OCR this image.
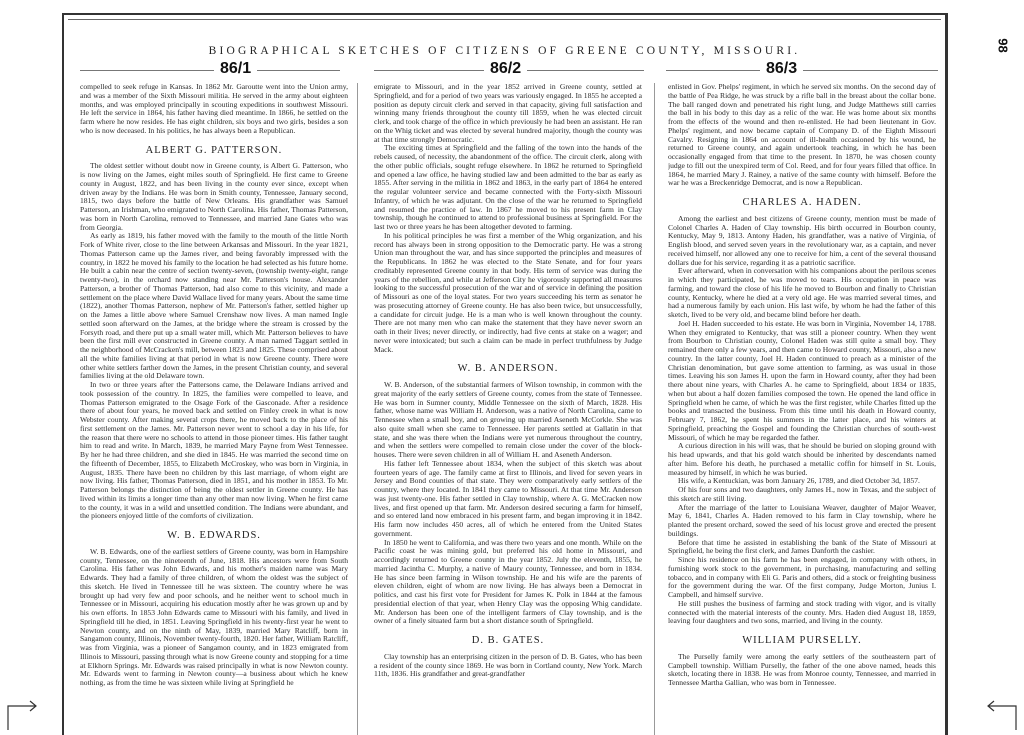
BIOGRAPHICAL SKETCHES OF CITIZENS OF GREENE COUNTY, MISSOURI.
86/1	86/2	86/3

compelled to seek refuge in Kansas. In 1862 Mr. Garoutte went into the Union army, and was a member of the Sixth Missouri militia. He served in the army about eighteen months, and was employed principally in scouting expeditions in southwest Missouri. He left the service in 1864, his father having died meantime. In 1866, he settled on the farm where he now resides. He has eight children, six boys and two girls, besides a son who is now deceased. In his politics, he has always been a Republican.

ALBERT G. PATTERSON.

The oldest settler without doubt now in Greene county, is Albert G. Patterson, who is now living on the James, eight miles south of Springfield. He first came to Greene county in August, 1822, and has been living in the county ever since, except when driven away by the Indians. He was born in Smith county, Tennessee, January second, 1815, two days before the battle of New Orleans. His grandfather was Samuel Patterson, an Irishman, who emigrated to North Carolina. His father, Thomas Patterson, was born in North Carolina, removed to Tennessee, and married Jane Gates who was from Georgia.

As early as 1819, his father moved with the family to the mouth of the little North Fork of White river, close to the line between Arkansas and Missouri. In the year 1821, Thomas Patterson came up the James river, and being favorably impressed with the country, in 1822 he moved his family to the location he had selected as his future home. He built a cabin near the centre of section twenty-seven, (township twenty-eight, range twenty-two), in the orchard now standing near Mr. Patterson's house. Alexander Patterson, a brother of Thomas Patterson, had also come to this vicinity, and made a settlement on the place where David Wallace lived for many years. About the same time (1822), another Thomas Patterson, nephew of Mr. Patterson's father, settled higher up on the James a little above where Samuel Crenshaw now lives. A man named Ingle settled soon afterward on the James, at the bridge where the stream is crossed by the Forsyth road, and there put up a small water mill, which Mr. Patterson believes to have been the first mill ever constructed in Greene county. A man named Taggart settled in the neighborhood of McCracken's mill, between 1823 and 1825. These comprised about all the white families living at that period in what is now Greene county. There were other white settlers farther down the James, in the present Christian county, and several families living at the old Delaware town.

In two or three years after the Pattersons came, the Delaware Indians arrived and took possession of the country. In 1825, the families were compelled to leave, and Thomas Patterson emigrated to the Osage Fork of the Gasconade. After a residence there of about four years, he moved back and settled on Finley creek in what is now Webster county. After making several crops there, he moved back to the place of his first settlement on the James. Mr. Patterson never went to school a day in his life, for the reason that there were no schools to attend in those pioneer times. His father taught him to read and write. In March, 1839, he married Mary Payne from West Tennessee. By her he had three children, and she died in 1845. He was married the second time on the fifteenth of December, 1855, to Elizabeth McCroskey, who was born in Virginia, in August, 1835. There have been no children by this last marriage, of whom eight are now living. His father, Thomas Patterson, died in 1851, and his mother in 1853. To Mr. Patterson belongs the distinction of being the oldest settler in Greene county. He has lived within its limits a longer time than any other man now living. When he first came to the county, it was in a wild and unsettled condition. The Indians were abundant, and the pioneers enjoyed little of the comforts of civilization.

W. B. EDWARDS.

W. B. Edwards, one of the earliest settlers of Greene county, was born in Hampshire county, Tennessee, on the nineteenth of June, 1818. His ancestors were from South Carolina. His father was John Edwards, and his mother's maiden name was Mary Edwards. They had a family of three children, of whom the oldest was the subject of this sketch. He lived in Tennessee till he was sixteen. The country where he was brought up had very few and poor schools, and he neither went to school much in Tennessee or in Missouri, acquiring his education mostly after he was grown up and by his own efforts. In 1853 John Edwards came to Missouri with his family, and lived in Springfield till he died, in 1851. Leaving Springfield in his twenty-first year he went to Newton county, and on the ninth of May, 1839, married Mary Ratcliff, born in Sangamon county, Illinois, November twenty-fourth, 1820. Her father, William Ratcliff, was from Virginia, was a pioneer of Sangamon county, and in 1823 emigrated from Illinois to Missouri, passing through what is now Greene county and stopping for a time at Elkhorn Springs. Mr. Edwards was raised principally in what is now Newton county. Mr. Edwards went to farming in Newton county—a business about which he knew nothing, as from the time he was sixteen while living at Springfield he

emigrate to Missouri, and in the year 1852 arrived in Greene county, settled at Springfield, and for a period of two years was variously engaged. In 1855 he accepted a position as deputy circuit clerk and served in that capacity, giving full satisfaction and winning many friends throughout the county till 1859, when he was elected circuit clerk, and took charge of the office in which previously he had been an assistant. He ran on the Whig ticket and was elected by several hundred majority, though the county was at that time strongly Democratic.

The exciting times at Springfield and the falling of the town into the hands of the rebels caused, of necessity, the abandonment of the office. The circuit clerk, along with the other public officials, sought refuge elsewhere. In 1862 he returned to Springfield and opened a law office, he having studied law and been admitted to the bar as early as 1855. After serving in the militia in 1862 and 1863, in the early part of 1864 he entered the regular volunteer service and became connected with the Forty-sixth Missouri Infantry, of which he was adjutant. On the close of the war he returned to Springfield and resumed the practice of law. In 1867 he moved to his present farm in Clay township, though he continued to attend to professional business at Springfield. For the last two or three years he has been altogether devoted to farming.

In his political principles he was first a member of the Whig organization, and his record has always been in strong opposition to the Democratic party. He was a strong Union man throughout the war, and has since supported the principles and measures of the Republicans. In 1862 he was elected to the State Senate, and for four years creditably represented Greene county in that body. His term of service was during the years of the rebellion, and while at Jefferson City he vigorously supported all measures looking to the successful prosecution of the war and of service in defining the position of Missouri as one of the loyal states. For two years succeeding his term as senator he was prosecuting attorney of Greene county. He has also been twice, but unsuccessfully, a candidate for circuit judge. He is a man who is well known throughout the county. There are not many men who can make the statement that they have never sworn an oath in their lives; never directly, or indirectly, had five cents at stake on a wager; and never were intoxicated; but such a claim can be made in perfect truthfulness by Judge Mack.

W. B. ANDERSON.

W. B. Anderson, of the substantial farmers of Wilson township, in common with the great majority of the early settlers of Greene county, comes from the state of Tennessee. He was born in Sumner county, Middle Tennessee on the sixth of March, 1828. His father, whose name was William H. Anderson, was a native of North Carolina, came to Tennessee when a small boy, and on growing up married Aseneth McCorkle. She was also quite small when she came to Tennessee. Her parents settled at Gallatin in that state, and she was there when the Indians were yet numerous throughout the country, and when the settlers were compelled to remain close under the cover of the block-houses. There were seven children in all of William H. and Aseneth Anderson.

His father left Tennessee about 1834, when the subject of this sketch was about fourteen years of age. The family came at first to Illinois, and lived for seven years in Jersey and Bond counties of that state. They were comparatively early settlers of the country, where they located. In 1841 they came to Missouri. At that time Mr. Anderson was just twenty-one. His father settled in Clay township, where A. G. McCracken now lives, and first opened up that farm. Mr. Anderson desired securing a farm for himself, and so entered land now embraced in his present farm, and began improving it in 1842. His farm now includes 450 acres, all of which he entered from the United States government.

In 1850 he went to California, and was there two years and one month. While on the Pacific coast he was mining gold, but preferred his old home in Missouri, and accordingly returned to Greene county in the year 1852. July the eleventh, 1855, he married Jacintha C. Murphy, a native of Maury county, Tennessee, and born in 1834. He has since been farming in Wilson township. He and his wife are the parents of eleven children, eight of whom are now living. He has always been a Democrat in politics, and cast his first vote for President for James K. Polk in 1844 at the famous presidential election of that year, when Henry Clay was the opposing Whig candidate. Mr. Anderson has been one of the intelligent farmers of Clay township, and is the owner of a finely situated farm but a short distance south of Springfield.

D. B. GATES.

Clay township has an enterprising citizen in the person of D. B. Gates, who has been a resident of the county since 1869. He was born in Cortland county, New York. March 11th, 1836. His grandfather and great-grandfather

enlisted in Gov. Phelps' regiment, in which he served six months. On the second day of the battle of Pea Ridge, he was struck by a rifle ball in the breast about the collar bone. The ball ranged down and penetrated his right lung, and Judge Matthews still carries the ball in his body to this day as a relic of the war. He was home about six months from the effects of the wound and then re-enlisted. He had been lieutenant in Gov. Phelps' regiment, and now became captain of Company D. of the Eighth Missouri Cavalry. Resigning in 1864 on account of ill-health occasioned by his wound, he returned to Greene county, and again undertook teaching, in which he has been occasionally engaged from that time to the present. In 1870, he was chosen county judge to fill out the unexpired term of Col. Reed, and for four years filled that office. In 1864, he married Mary J. Rainey, a native of the same county with himself. Before the war he was a Breckenridge Democrat, and is now a Republican.

CHARLES A. HADEN.

Among the earliest and best citizens of Greene county, mention must be made of Colonel Charles A. Haden of Clay township. His birth occurred in Bourbon county, Kentucky, May 9, 1813. Antony Haden, his grandfather, was a native of Virginia, of English blood, and served seven years in the revolutionary war, as a captain, and never received himself, nor allowed any one to receive for him, a cent of the several thousand dollars due for his service, regarding it as a patriotic sacrifice.

Ever afterward, when in conversation with his companions about the perilous scenes in which they participated, he was moved to tears. His occupation in peace was farming, and toward the close of his life he moved to Bourbon and finally to Christian county, Kentucky, where he died at a very old age. He was married several times, and had a numerous family by each union. His last wife, by whom he had the father of this sketch, lived to be very old, and became blind before her death.

Joel H. Haden succeeded to his estate. He was born in Virginia, November 14, 1788. When they emigrated to Kentucky, that was still a pioneer country. When they went from Bourbon to Christian county, Colonel Haden was still quite a small boy. They remained there only a few years, and then came to Howard county, Missouri, also a new country. In the latter county, Joel H. Haden continued to preach as a minister of the Christian denomination, but gave some attention to farming, as was usual in those times. Leaving his son James H. upon the farm in Howard county, after they had been there about nine years, with Charles A. he came to Springfield, about 1834 or 1835, when but about a half dozen families composed the town. He opened the land office in Springfield when he came, of which he was the first register, while Charles fitted up the books and transacted the business. From this time until his death in Howard county, February 7, 1862, he spent his summers in the latter place, and his winters at Springfield, preaching the Gospel and founding the Christian churches of south-west Missouri, of which he may be regarded the father.

A curious direction in his will was, that he should be buried on sloping ground with his head upwards, and that his gold watch should be inherited by descendants named after him. Before his death, he purchased a metallic coffin for himself in St. Louis, measured by himself, in which he was buried.

His wife, a Kentuckian, was born January 26, 1789, and died October 3d, 1857.

Of his four sons and two daughters, only James H., now in Texas, and the subject of this sketch are still living.

After the marriage of the latter to Louisiana Weaver, daughter of Major Weaver, May 6, 1841, Charles A. Haden removed to his farm in Clay township, where he planted the present orchard, sowed the seed of his locust grove and erected the present buildings.

Before that time he assisted in establishing the bank of the State of Missouri at Springfield, he being the first clerk, and James Danforth the cashier.

Since his residence on his farm he has been engaged, in company with others, in furnishing work stock to the government, in purchasing, manufacturing and selling tobacco, and in company with Eli G. Paris and others, did a stock or freighting business for the government during the war. Of the first company, Judge Morton, Junius I. Campbell, and himself survive.

He still pushes the business of farming and stock trading with vigor, and is vitally connected with the material interests of the county. Mrs. Haden died August 18, 1859, leaving four daughters and two sons, married, and living in the county.

WILLIAM PURSELLY.

The Purselly family were among the early settlers of the southeastern part of Campbell township. William Purselly, the father of the one above named, heads this sketch, locating there in 1838. He was from Monroe county, Tennessee, and married in Tennessee Martha Gallian, who was born in Tennessee.

98
